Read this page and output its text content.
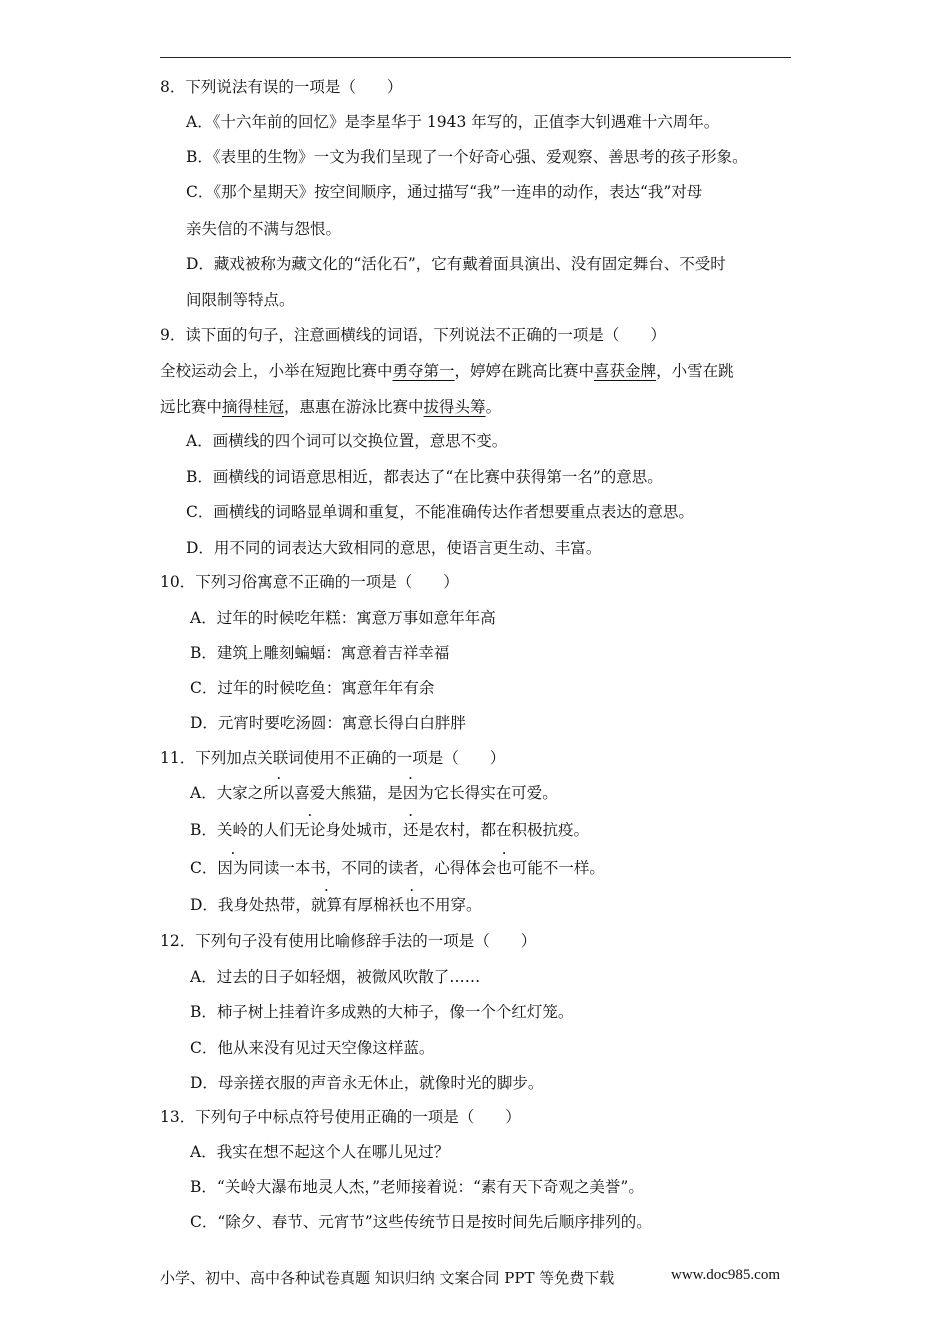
8．下列说法有误的一项是（　　）
A．《十六年前的回忆》是李星华于 1943 年写的，正值李大钊遇难十六周年。
B．《表里的生物》一文为我们呈现了一个好奇心强、爱观察、善思考的孩子形象。
C．《那个星期天》按空间顺序，通过描写“我”一连串的动作，表达“我”对母
亲失信的不满与怨恨。
D．藏戏被称为藏文化的“活化石”，它有戴着面具演出、没有固定舞台、不受时
间限制等特点。
9．读下面的句子，注意画横线的词语，下列说法不正确的一项是（　　）
全校运动会上，小举在短跑比赛中勇夺第一，婷婷在跳高比赛中喜获金牌，小雪在跳
远比赛中摘得桂冠，惠惠在游泳比赛中拔得头筹。
A．画横线的四个词可以交换位置，意思不变。
B．画横线的词语意思相近，都表达了“在比赛中获得第一名”的意思。
C．画横线的词略显单调和重复，不能准确传达作者想要重点表达的意思。
D．用不同的词表达大致相同的意思，使语言更生动、丰富。
10．下列习俗寓意不正确的一项是（　　）
A．过年的时候吃年糕：寓意万事如意年年高
B．建筑上雕刻蝙蝠：寓意着吉祥幸福
C．过年的时候吃鱼：寓意年年有余
D．元宵时要吃汤圆：寓意长得白白胖胖
11．下列加点关联词使用不正确的一项是（　　）
A．大家之所以喜爱大熊猫，是因为它长得实在可爱。
B．关岭的人们无论身处城市，还是农村，都在积极抗疫。
C．因为同读一本书，不同的读者，心得体会也可能不一样。
D．我身处热带，就算有厚棉袄也不用穿。
12．下列句子没有使用比喻修辞手法的一项是（　　）
A．过去的日子如轻烟，被微风吹散了……
B．柿子树上挂着许多成熟的大柿子，像一个个红灯笼。
C．他从来没有见过天空像这样蓝。
D．母亲搓衣服的声音永无休止，就像时光的脚步。
13．下列句子中标点符号使用正确的一项是（　　）
A．我实在想不起这个人在哪儿见过？
B．“关岭大瀑布地灵人杰，”老师接着说：“素有天下奇观之美誉”。
C．“除夕、春节、元宵节”这些传统节日是按时间先后顺序排列的。
小学、初中、高中各种试卷真题 知识归纳 文案合同 PPT 等免费下载	www.doc985.com
